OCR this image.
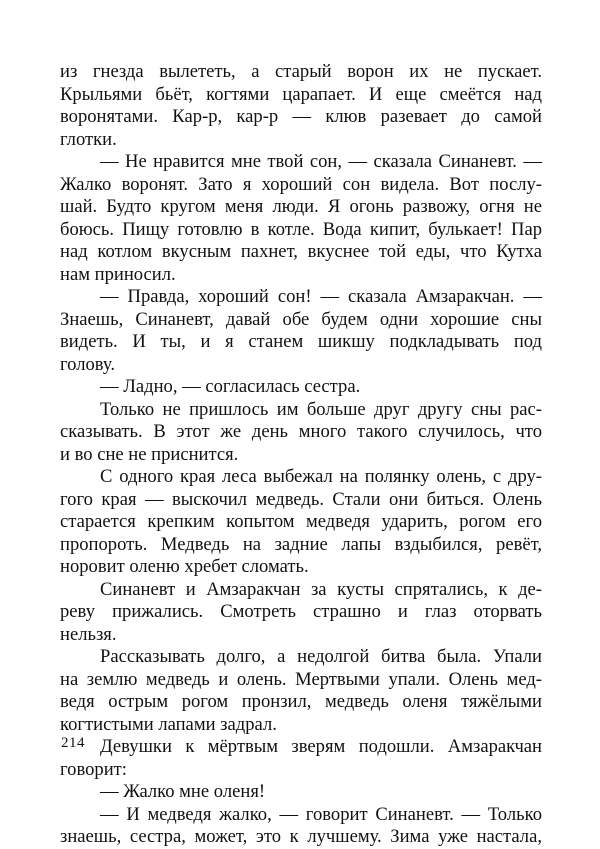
из гнезда вылететь, а старый ворон их не пускает.
Крыльями бьёт, когтями царапает. И еще смеётся над
воронятами. Кар-р, кар-р — клюв разевает до самой
глотки.
— Не нравится мне твой сон, — сказала Синаневт. —
Жалко воронят. Зато я хороший сон видела. Вот послу-
шай. Будто кругом меня люди. Я огонь развожу, огня не
боюсь. Пищу готовлю в котле. Вода кипит, булькает! Пар
над котлом вкусным пахнет, вкуснее той еды, что Кутха
нам приносил.
— Правда, хороший сон! — сказала Амзаракчан. —
Знаешь, Синаневт, давай обе будем одни хорошие сны
видеть. И ты, и я станем шикшу подкладывать под
голову.
— Ладно, — согласилась сестра.
Только не пришлось им больше друг другу сны рас-
сказывать. В этот же день много такого случилось, что
и во сне не приснится.
С одного края леса выбежал на полянку олень, с дру-
гого края — выскочил медведь. Стали они биться. Олень
старается крепким копытом медведя ударить, рогом его
пропороть. Медведь на задние лапы вздыбился, ревёт,
норовит оленю хребет сломать.
Синаневт и Амзаракчан за кусты спрятались, к де-
реву прижались. Смотреть страшно и глаз оторвать
нельзя.
Рассказывать долго, а недолгой битва была. Упали
на землю медведь и олень. Мертвыми упали. Олень мед-
ведя острым рогом пронзил, медведь оленя тяжёлыми
когтистыми лапами задрал.
Девушки к мёртвым зверям подошли. Амзаракчан
говорит:
— Жалко мне оленя!
— И медведя жалко, — говорит Синаневт. — Только
знаешь, сестра, может, это к лучшему. Зима уже настала,
214
